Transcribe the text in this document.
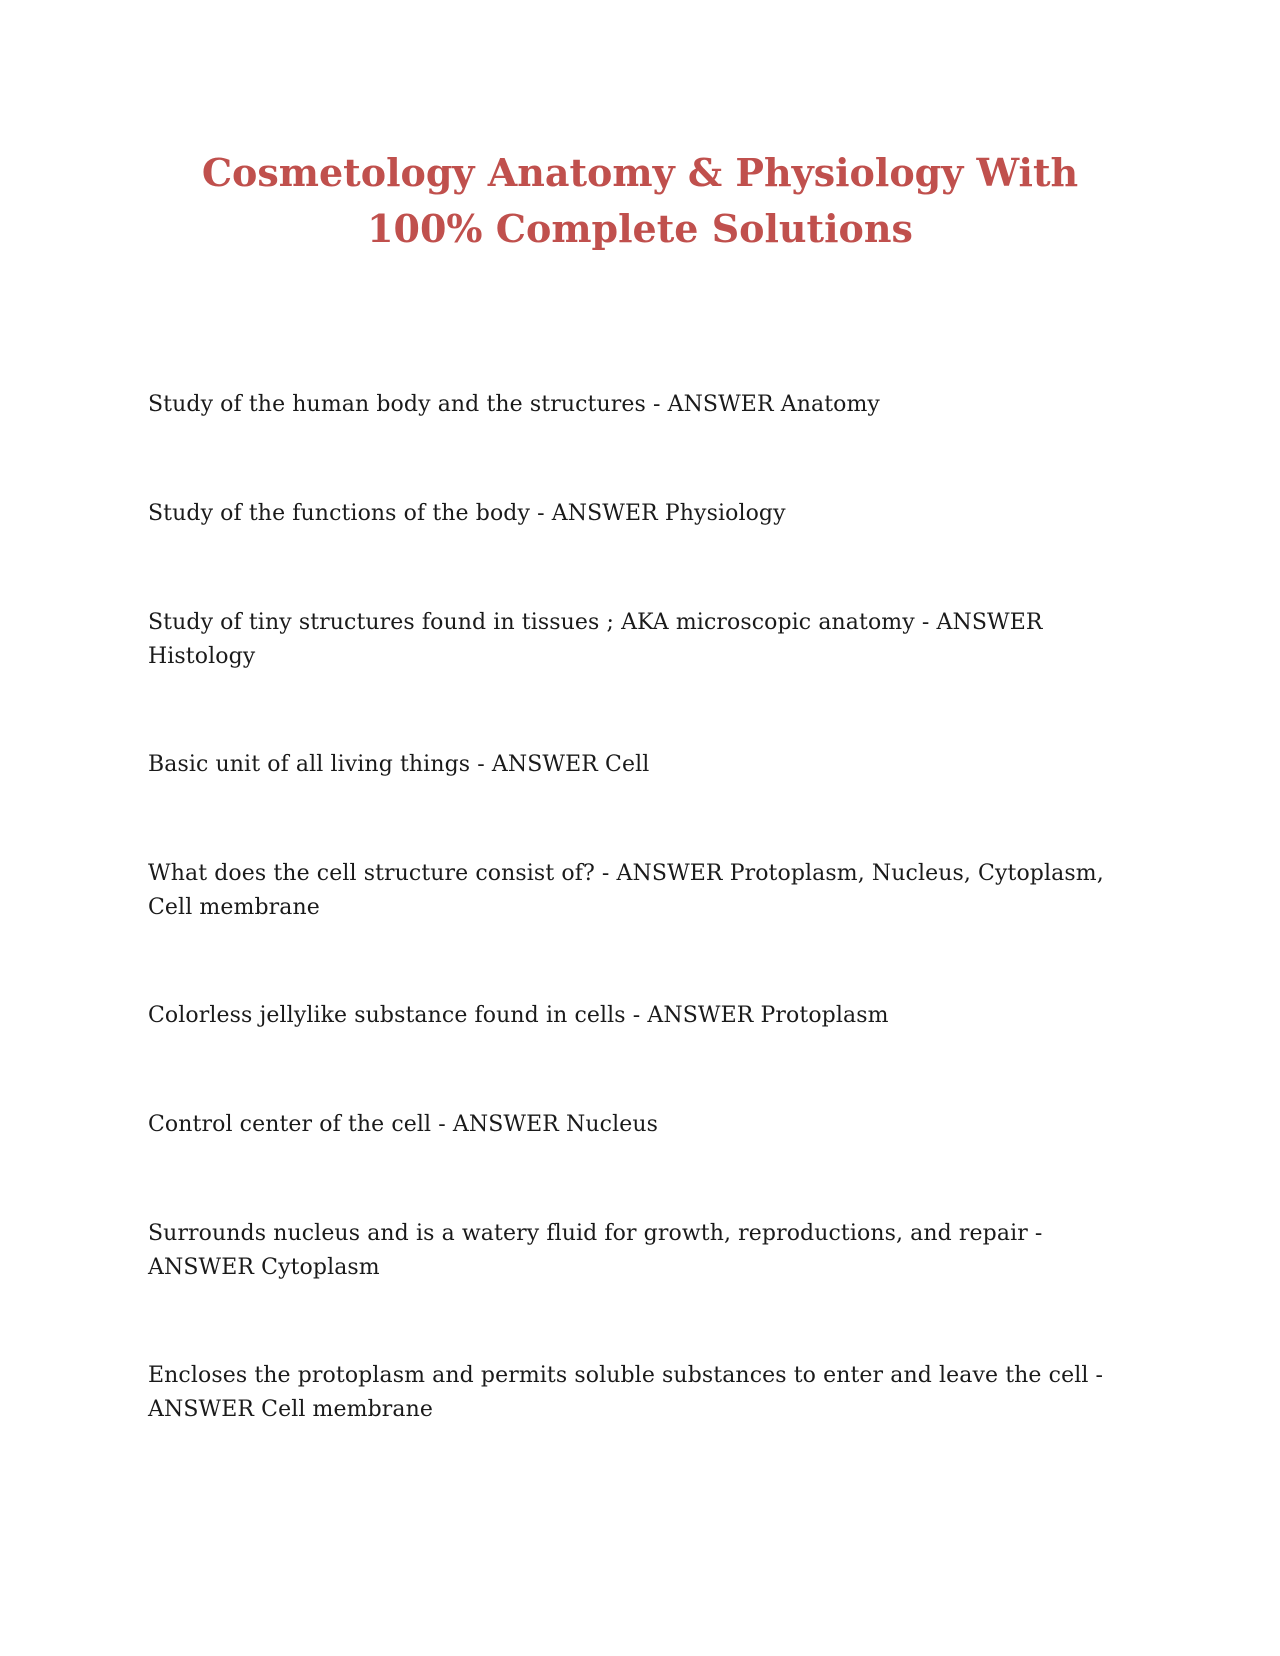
Cosmetology Anatomy & Physiology With
100% Complete Solutions

Study of the human body and the structures - ANSWER Anatomy

Study of the functions of the body - ANSWER Physiology

Study of tiny structures found in tissues ; AKA microscopic anatomy - ANSWER Histology

Basic unit of all living things - ANSWER Cell

What does the cell structure consist of? - ANSWER Protoplasm, Nucleus, Cytoplasm, Cell membrane

Colorless jellylike substance found in cells - ANSWER Protoplasm

Control center of the cell - ANSWER Nucleus

Surrounds nucleus and is a watery fluid for growth, reproductions, and repair - ANSWER Cytoplasm

Encloses the protoplasm and permits soluble substances to enter and leave the cell - ANSWER Cell membrane
